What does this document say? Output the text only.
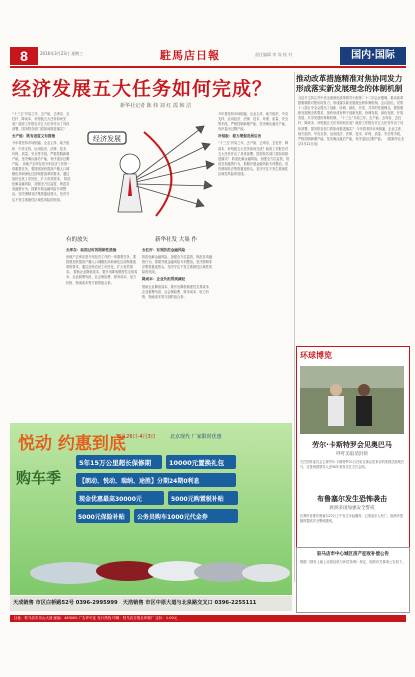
8	2016年3月23日 星期三	駐馬店日報	责任编辑 审 读 校 对	国内·国际
经济发展五大任务如何完成？
新华社记者 陈 炜 刘 红 霞 韩 洁
“十三五”开局之年，去产能、去库存、去杠杆、降成本、补短板五大任务如何完成？政府工作报告对五大任务作出了具体部署，国务院各部门将如何推进落实？
去产能：既有进度又有措施
今年将坚持市场倒逼、企业主体、地方组织、中央支持，运用经济、法律、技术、环保、质量、安全等手段，严格控制新增产能，坚决淘汰落后产能，有序退出过剩产能。 房地产去库存是今年经济工作的一项重要任务，要按照加快提高户籍人口城镇化率和深化住房制度改革的要求，通过加快农民工市民化，扩大有效需求。 防范化解金融风险，加强全方位监管，规范各类融资行为，抓紧开展金融风险专项整治，坚决遏制非法集资蔓延势头，坚决守住不发生系统性区域性风险的底线。
经济发展
有的放矢	新华社发 大巢 作
去库存：取消过时的限制性措施
房地产去库存是今年经济工作的一项重要任务，要按照加快提高户籍人口城镇化率和深化住房制度改革的要求，通过加快农民工市民化，扩大有效需求。 帮助企业降低成本，要开出降低制度性交易成本、企业税费负担、社会保险费、财务成本、电力价格、物流成本等方面的组合拳。
去杠杆：有效防范金融风险
防范化解金融风险，加强全方位监管，规范各类融资行为，抓紧开展金融风险专项整治，坚决遏制非法集资蔓延势头，坚决守住不发生系统性区域性风险的底线。
降成本：企业负担得到减轻
帮助企业降低成本，要开出降低制度性交易成本、企业税费负担、社会保险费、财务成本、电力价格、物流成本等方面的组合拳。
今年将坚持市场倒逼、企业主体、地方组织、中央支持，运用经济、法律、技术、环保、质量、安全等手段，严格控制新增产能，坚决淘汰落后产能，有序退出过剩产能。
补短板：着力增强发展后劲
“十三五”开局之年，去产能、去库存、去杠杆、降成本、补短板五大任务如何完成？政府工作报告对五大任务作出了具体部署，国务院各部门将如何推进落实？ 防范化解金融风险，加强全方位监管，规范各类融资行为，抓紧开展金融风险专项整治，坚决遏制非法集资蔓延势头，坚决守住不发生系统性区域性风险的底线。
推动改革措施精准对焦协同发力 形成落实新发展理念的体制机制
习近平主持召开中央全面深化改革领导小组第二十二次会议强调，推动改革措施精准对焦协同发力，形成落实新发展理念的体制机制。会议指出，党的十八届五中全会提出了创新、协调、绿色、开放、共享的发展理念，要按照新发展理念的要求，加快形成有利于创新发展、协调发展、绿色发展、开放发展、共享发展的体制机制。 “十三五”开局之年，去产能、去库存、去杠杆、降成本、补短板五大任务如何完成？政府工作报告对五大任务作出了具体部署，国务院各部门将如何推进落实？ 今年将坚持市场倒逼、企业主体、地方组织、中央支持，运用经济、法律、技术、环保、质量、安全等手段，严格控制新增产能，坚决淘汰落后产能，有序退出过剩产能。 （据新华社北京3月22日电）
环球博览
劳尔·卡斯特罗会见奥巴马
呼吁美取消封锁
古巴国务委员会主席劳尔·卡斯特罗21日在哈瓦那会见来访的美国总统奥巴马，这是两国领导人近90年来首次在古巴会面。
布鲁塞尔发生恐怖袭击
欧洲多国加强安全警戒
比利时首都布鲁塞尔22日上午发生多起爆炸，已造成多人死亡。欧洲多国随即提高安全警戒级别。
驻马店市中心城区房产征收补偿公告
根据《国有土地上房屋征收与补偿条例》规定，现将有关事项公告如下。
悦动 约惠到底
3月26日-4月3日	北京现代 厂家限时优惠
购车季
5年15万公里超长保修期	10000元置换礼包
【朗动、悦动、瑞纳、途胜】分期24期0利息
现金优惠最高30000元	5000元购置税补贴
5000元保险补贴 公务员购车1000元代金券
天成销售 市区白桥路52号 0396-2995999　天浩销售 市区中原大道与北泉路交叉口 0396-2255111
社址：驻马店市乐山大道 邮编：463000 广告许可证 发行热线 印刷：驻马店日报社印刷厂 定价：1.00元
